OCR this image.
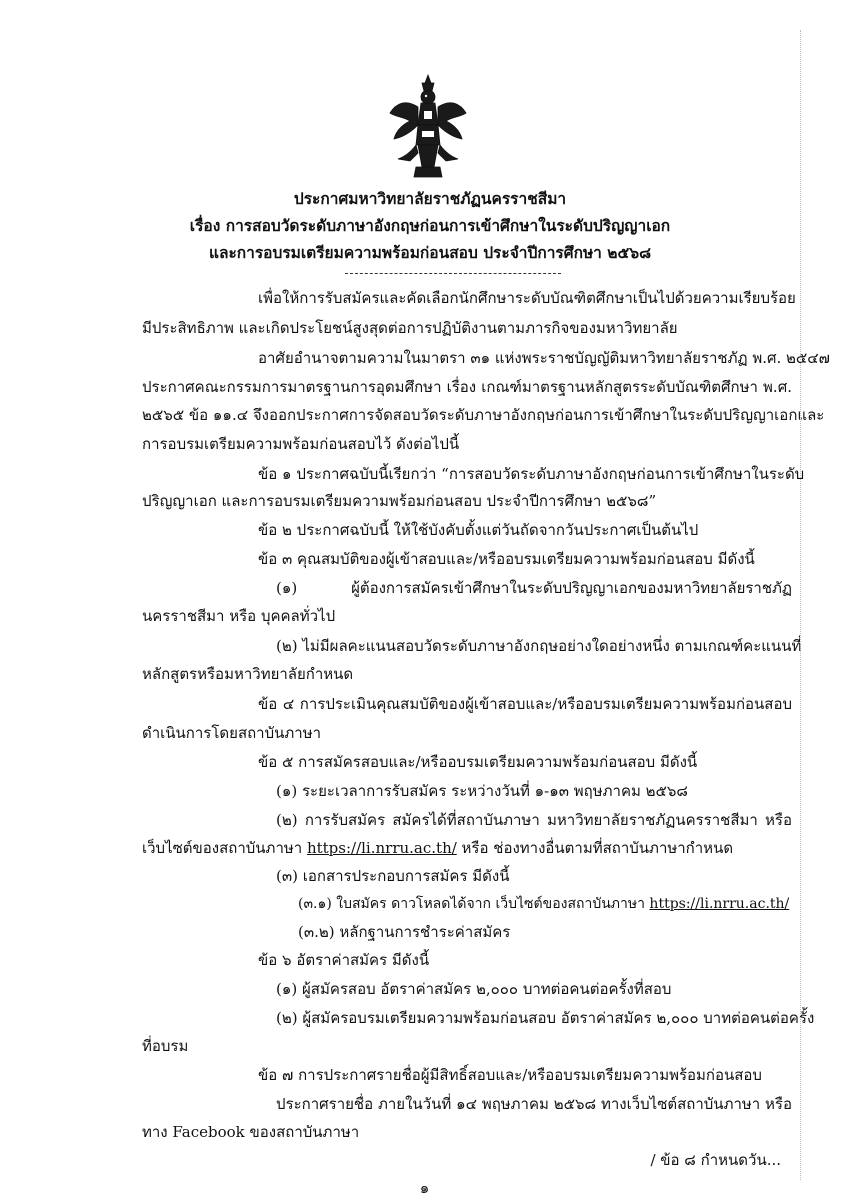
ประกาศมหาวิทยาลัยราชภัฏนครราชสีมา
เรื่อง การสอบวัดระดับภาษาอังกฤษก่อนการเข้าศึกษาในระดับปริญญาเอก
และการอบรมเตรียมความพร้อมก่อนสอบ ประจำปีการศึกษา ๒๕๖๘
เพื่อให้การรับสมัครและคัดเลือกนักศึกษาระดับบัณฑิตศึกษาเป็นไปด้วยความเรียบร้อย
มีประสิทธิภาพ และเกิดประโยชน์สูงสุดต่อการปฏิบัติงานตามภารกิจของมหาวิทยาลัย
อาศัยอำนาจตามความในมาตรา ๓๑ แห่งพระราชบัญญัติมหาวิทยาลัยราชภัฏ พ.ศ. ๒๕๔๗
ประกาศคณะกรรมการมาตรฐานการอุดมศึกษา เรื่อง เกณฑ์มาตรฐานหลักสูตรระดับบัณฑิตศึกษา พ.ศ.
๒๕๖๕ ข้อ ๑๑.๔ จึงออกประกาศการจัดสอบวัดระดับภาษาอังกฤษก่อนการเข้าศึกษาในระดับปริญญาเอกและ
การอบรมเตรียมความพร้อมก่อนสอบไว้ ดังต่อไปนี้
ข้อ ๑ ประกาศฉบับนี้เรียกว่า “การสอบวัดระดับภาษาอังกฤษก่อนการเข้าศึกษาในระดับ
ปริญญาเอก และการอบรมเตรียมความพร้อมก่อนสอบ ประจำปีการศึกษา ๒๕๖๘”
ข้อ ๒ ประกาศฉบับนี้ ให้ใช้บังคับตั้งแต่วันถัดจากวันประกาศเป็นต้นไป
ข้อ ๓ คุณสมบัติของผู้เข้าสอบและ/หรืออบรมเตรียมความพร้อมก่อนสอบ มีดังนี้
(๑) ผู้ต้องการสมัครเข้าศึกษาในระดับปริญญาเอกของมหาวิทยาลัยราชภัฏ
นครราชสีมา หรือ บุคคลทั่วไป
(๒) ไม่มีผลคะแนนสอบวัดระดับภาษาอังกฤษอย่างใดอย่างหนึ่ง ตามเกณฑ์คะแนนที่
หลักสูตรหรือมหาวิทยาลัยกำหนด
ข้อ ๔ การประเมินคุณสมบัติของผู้เข้าสอบและ/หรืออบรมเตรียมความพร้อมก่อนสอบ
ดำเนินการโดยสถาบันภาษา
ข้อ ๕ การสมัครสอบและ/หรืออบรมเตรียมความพร้อมก่อนสอบ มีดังนี้
(๑) ระยะเวลาการรับสมัคร ระหว่างวันที่ ๑-๑๓ พฤษภาคม ๒๕๖๘
(๒) การรับสมัคร สมัครได้ที่สถาบันภาษา มหาวิทยาลัยราชภัฏนครราชสีมา หรือ
เว็บไซต์ของสถาบันภาษา https://li.nrru.ac.th/ หรือ ช่องทางอื่นตามที่สถาบันภาษากำหนด
(๓) เอกสารประกอบการสมัคร มีดังนี้
(๓.๑) ใบสมัคร ดาวโหลดได้จาก เว็บไซต์ของสถาบันภาษา https://li.nrru.ac.th/
(๓.๒) หลักฐานการชำระค่าสมัคร
ข้อ ๖ อัตราค่าสมัคร มีดังนี้
(๑) ผู้สมัครสอบ อัตราค่าสมัคร ๒,๐๐๐ บาทต่อคนต่อครั้งที่สอบ
(๒) ผู้สมัครอบรมเตรียมความพร้อมก่อนสอบ อัตราค่าสมัคร ๒,๐๐๐ บาทต่อคนต่อครั้ง
ที่อบรม
ข้อ ๗ การประกาศรายชื่อผู้มีสิทธิ์สอบและ/หรืออบรมเตรียมความพร้อมก่อนสอบ
ประกาศรายชื่อ ภายในวันที่ ๑๔ พฤษภาคม ๒๕๖๘ ทางเว็บไซต์สถาบันภาษา หรือ
ทาง Facebook ของสถาบันภาษา
/ ข้อ ๘ กำหนดวัน...
๑
